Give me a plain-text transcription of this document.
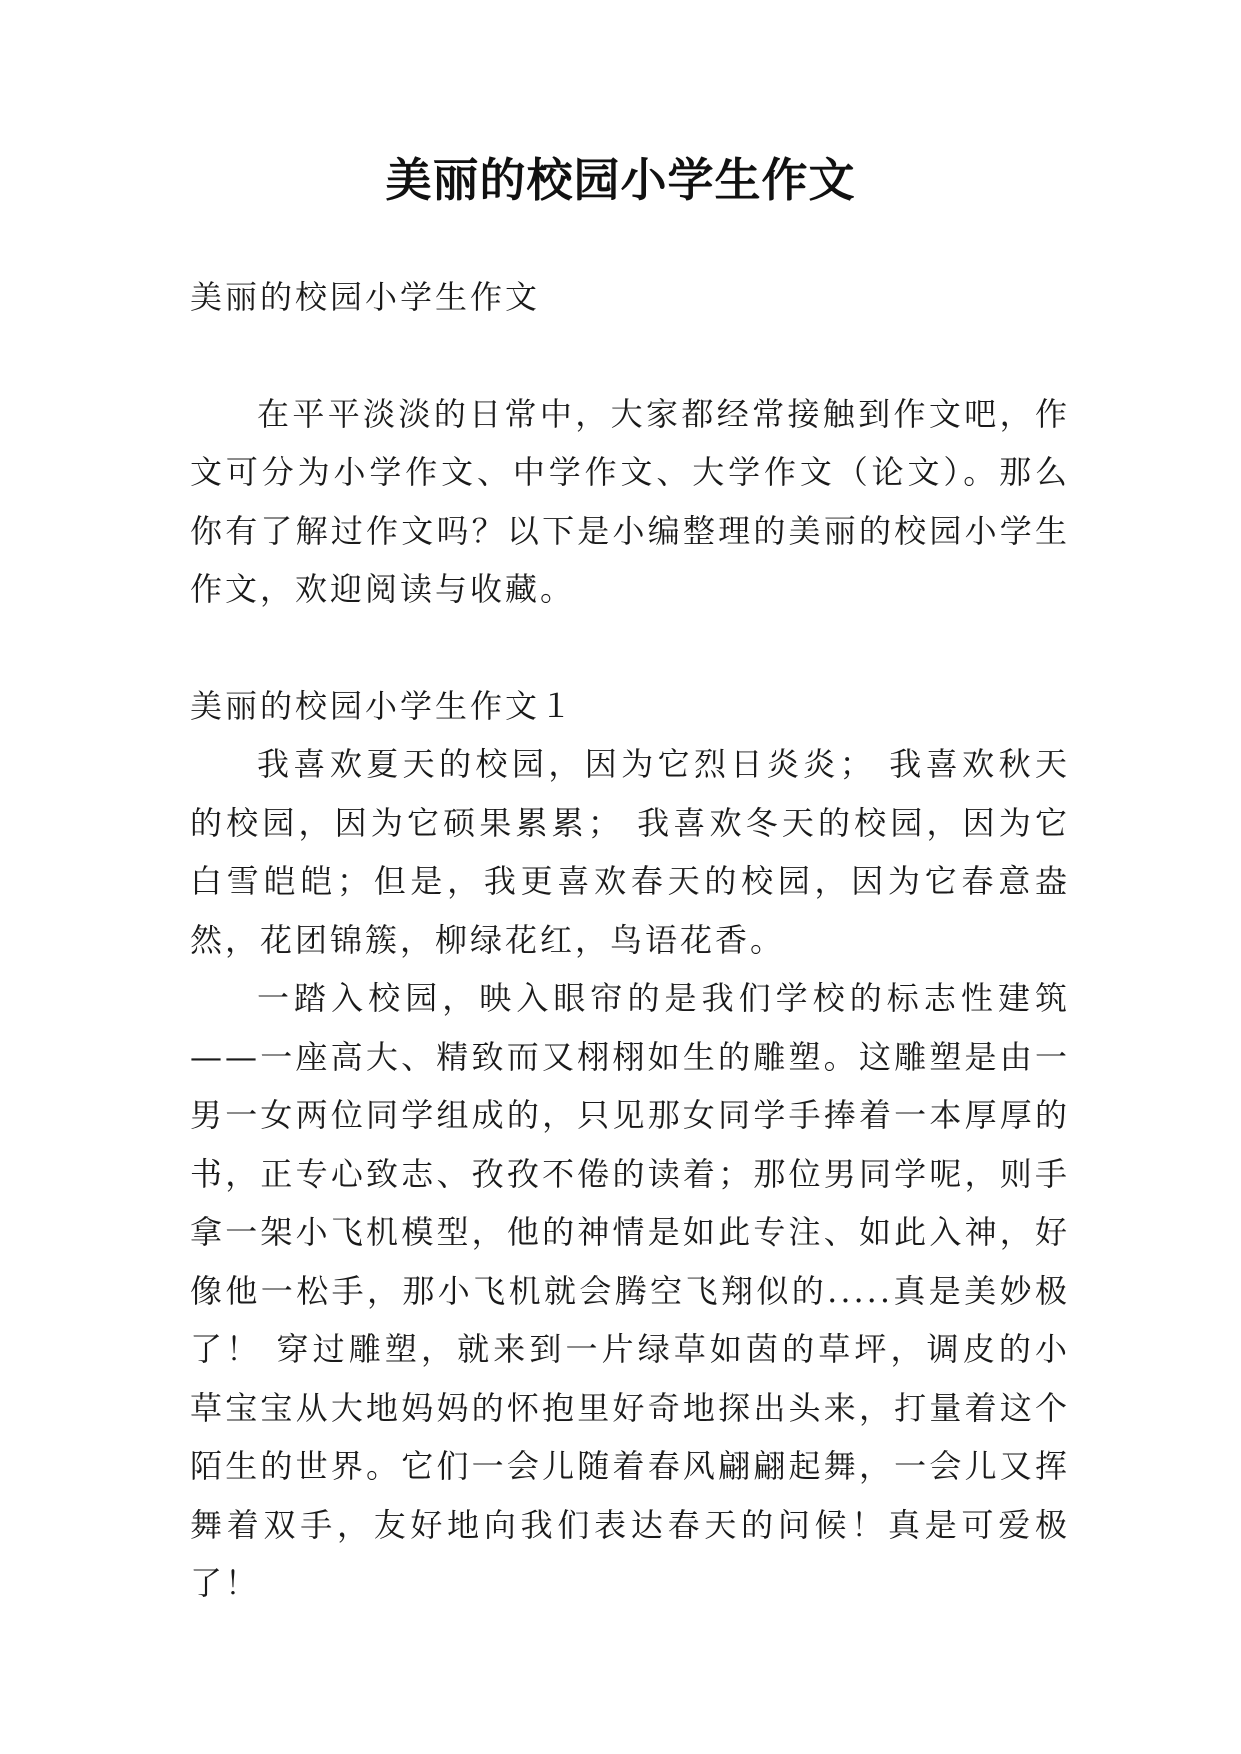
美丽的校园小学生作文

美丽的校园小学生作文

在平平淡淡的日常中，大家都经常接触到作文吧，作文可分为小学作文、中学作文、大学作文（论文）。那么你有了解过作文吗？以下是小编整理的美丽的校园小学生作文，欢迎阅读与收藏。

美丽的校园小学生作文１

我喜欢夏天的校园，因为它烈日炎炎； 我喜欢秋天的校园，因为它硕果累累； 我喜欢冬天的校园，因为它白雪皑皑；但是，我更喜欢春天的校园，因为它春意盎然，花团锦簇，柳绿花红，鸟语花香。

一踏入校园，映入眼帘的是我们学校的标志性建筑——一座高大、精致而又栩栩如生的雕塑。这雕塑是由一男一女两位同学组成的，只见那女同学手捧着一本厚厚的书，正专心致志、孜孜不倦的读着；那位男同学呢，则手拿一架小飞机模型，他的神情是如此专注、如此入神，好像他一松手，那小飞机就会腾空飞翔似的.....真是美妙极了！ 穿过雕塑，就来到一片绿草如茵的草坪，调皮的小草宝宝从大地妈妈的怀抱里好奇地探出头来，打量着这个陌生的世界。它们一会儿随着春风翩翩起舞，一会儿又挥舞着双手，友好地向我们表达春天的问候！真是可爱极了！
